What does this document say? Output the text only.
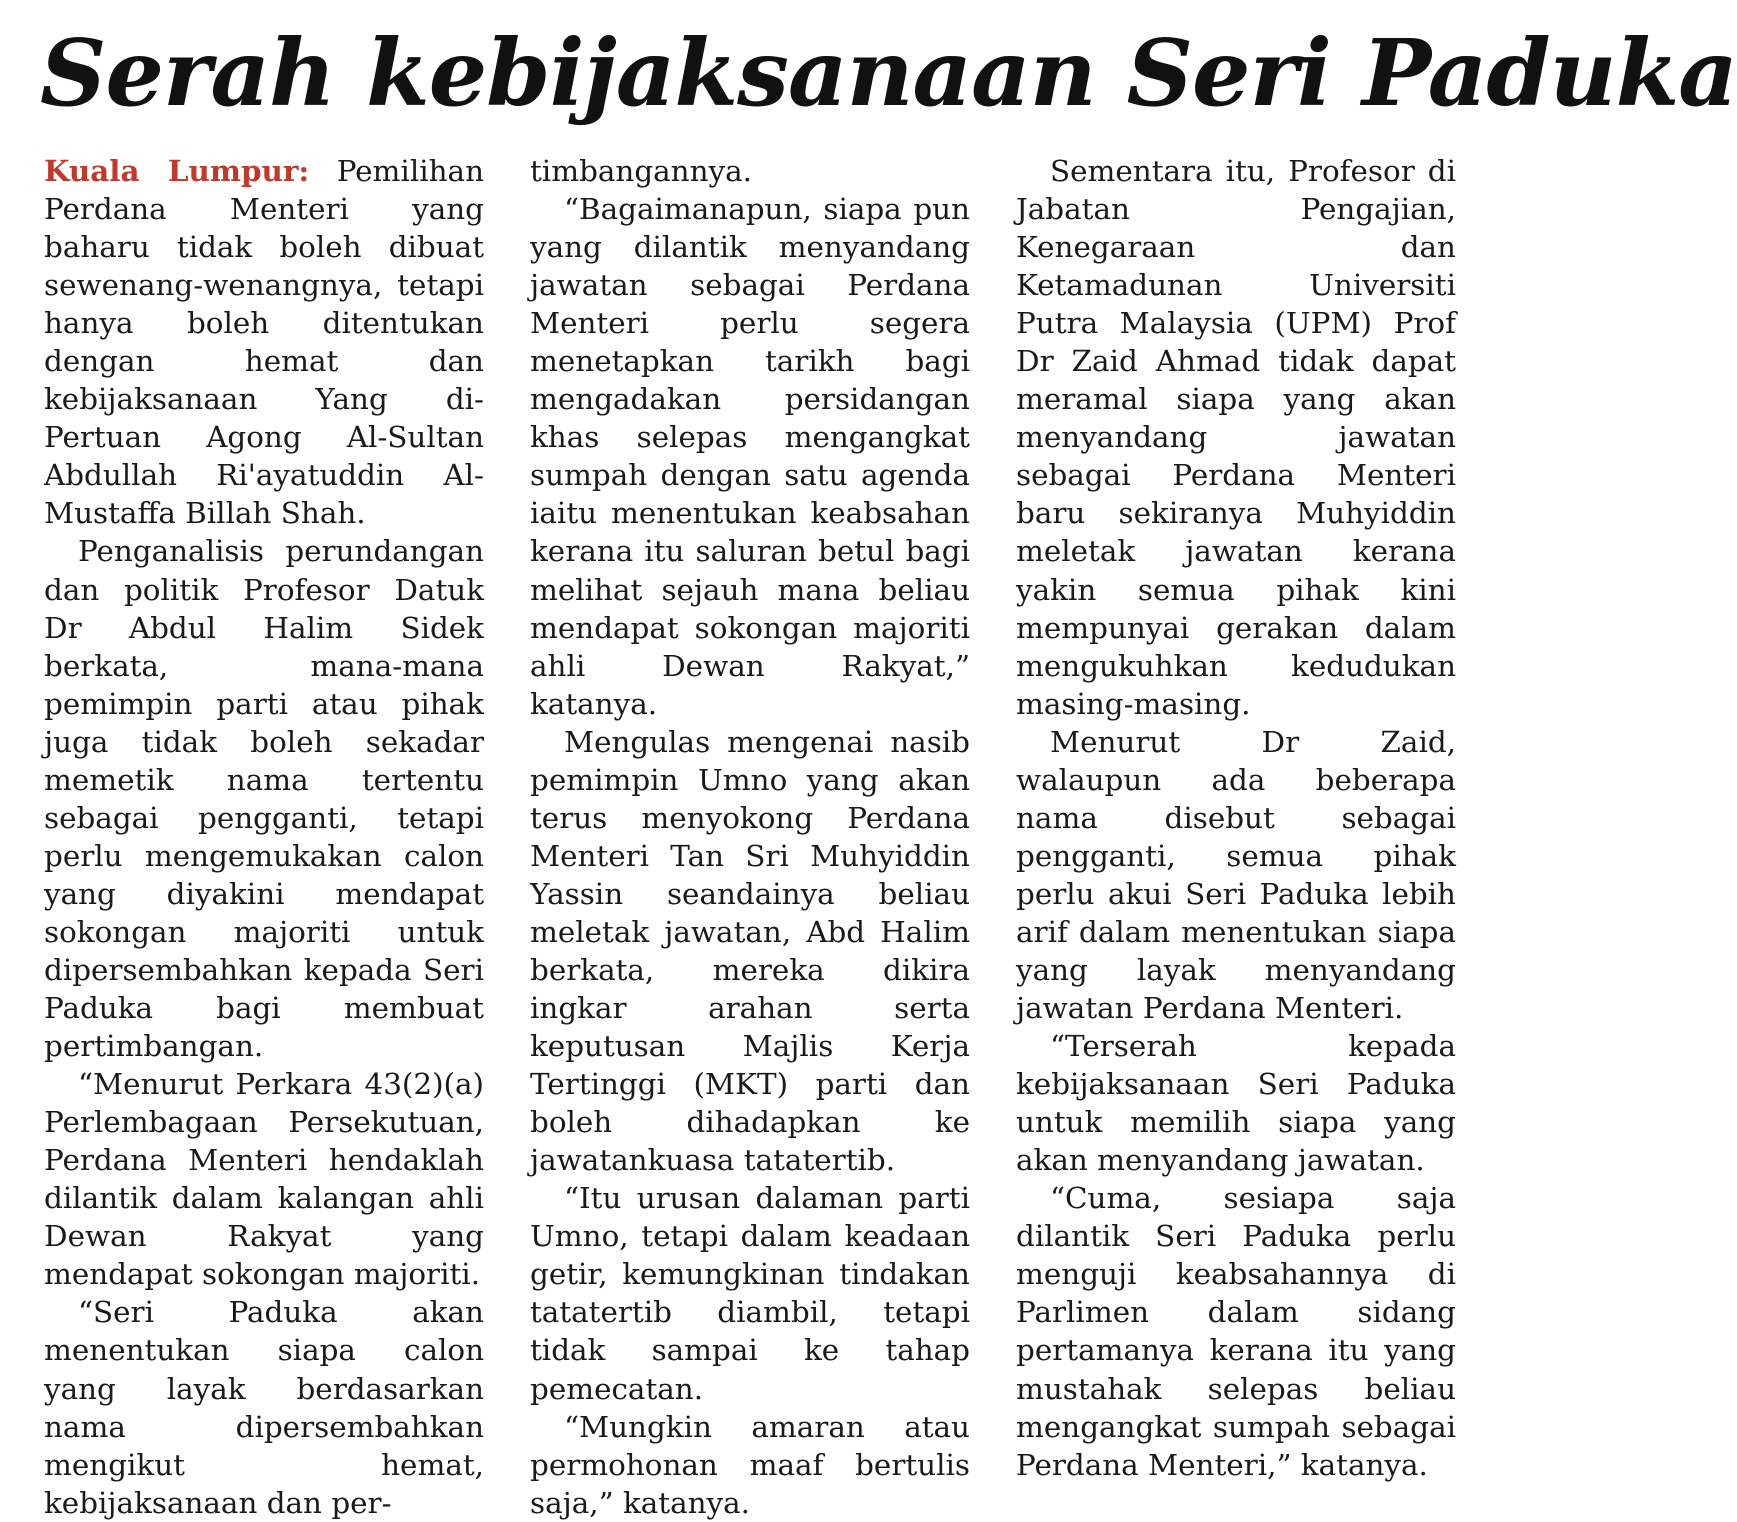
Serah kebijaksanaan Seri Paduka

Kuala Lumpur: Pemilihan Perdana Menteri yang baharu tidak boleh dibuat sewenang-wenangnya, tetapi hanya boleh ditentukan dengan hemat dan kebijaksanaan Yang di-Pertuan Agong Al-Sultan Abdullah Ri'ayatuddin Al- Mustaffa Billah Shah.

Penganalisis perundangan dan politik Profesor Datuk Dr Abdul Halim Sidek berkata, mana-mana pemimpin parti atau pihak juga tidak boleh sekadar memetik nama tertentu sebagai pengganti, tetapi perlu mengemukakan calon yang diyakini mendapat sokongan majoriti untuk dipersembahkan kepada Seri Paduka bagi membuat pertimbangan.

“Menurut Perkara 43(2)(a) Perlembagaan Persekutuan, Perdana Menteri hendaklah dilantik dalam kalangan ahli Dewan Rakyat yang mendapat sokongan majoriti.

“Seri Paduka akan menentukan siapa calon yang layak berdasarkan nama dipersembahkan mengikut hemat, kebijaksanaan dan per-

timbangannya.

“Bagaimanapun, siapa pun yang dilantik menyandang jawatan sebagai Perdana Menteri perlu segera menetapkan tarikh bagi mengadakan persidangan khas selepas mengangkat sumpah dengan satu agenda iaitu menentukan keabsahan kerana itu saluran betul bagi melihat sejauh mana beliau mendapat sokongan majoriti ahli Dewan Rakyat,” katanya.

Mengulas mengenai nasib pemimpin Umno yang akan terus menyokong Perdana Menteri Tan Sri Muhyiddin Yassin seandainya beliau meletak jawatan, Abd Halim berkata, mereka dikira ingkar arahan serta keputusan Majlis Kerja Tertinggi (MKT) parti dan boleh dihadapkan ke jawatankuasa tatatertib.

“Itu urusan dalaman parti Umno, tetapi dalam keadaan getir, kemungkinan tindakan tatatertib diambil, tetapi tidak sampai ke tahap pemecatan.

“Mungkin amaran atau permohonan maaf bertulis saja,” katanya.

Sementara itu, Profesor di Jabatan Pengajian, Kenegaraan dan Ketamadunan Universiti Putra Malaysia (UPM) Prof Dr Zaid Ahmad tidak dapat meramal siapa yang akan menyandang jawatan sebagai Perdana Menteri baru sekiranya Muhyiddin meletak jawatan kerana yakin semua pihak kini mempunyai gerakan dalam mengukuhkan kedudukan masing-masing.

Menurut Dr Zaid, walaupun ada beberapa nama disebut sebagai pengganti, semua pihak perlu akui Seri Paduka lebih arif dalam menentukan siapa yang layak menyandang jawatan Perdana Menteri.

“Terserah kepada kebijaksanaan Seri Paduka untuk memilih siapa yang akan menyandang jawatan.

“Cuma, sesiapa saja dilantik Seri Paduka perlu menguji keabsahannya di Parlimen dalam sidang pertamanya kerana itu yang mustahak selepas beliau mengangkat sumpah sebagai Perdana Menteri,” katanya.
